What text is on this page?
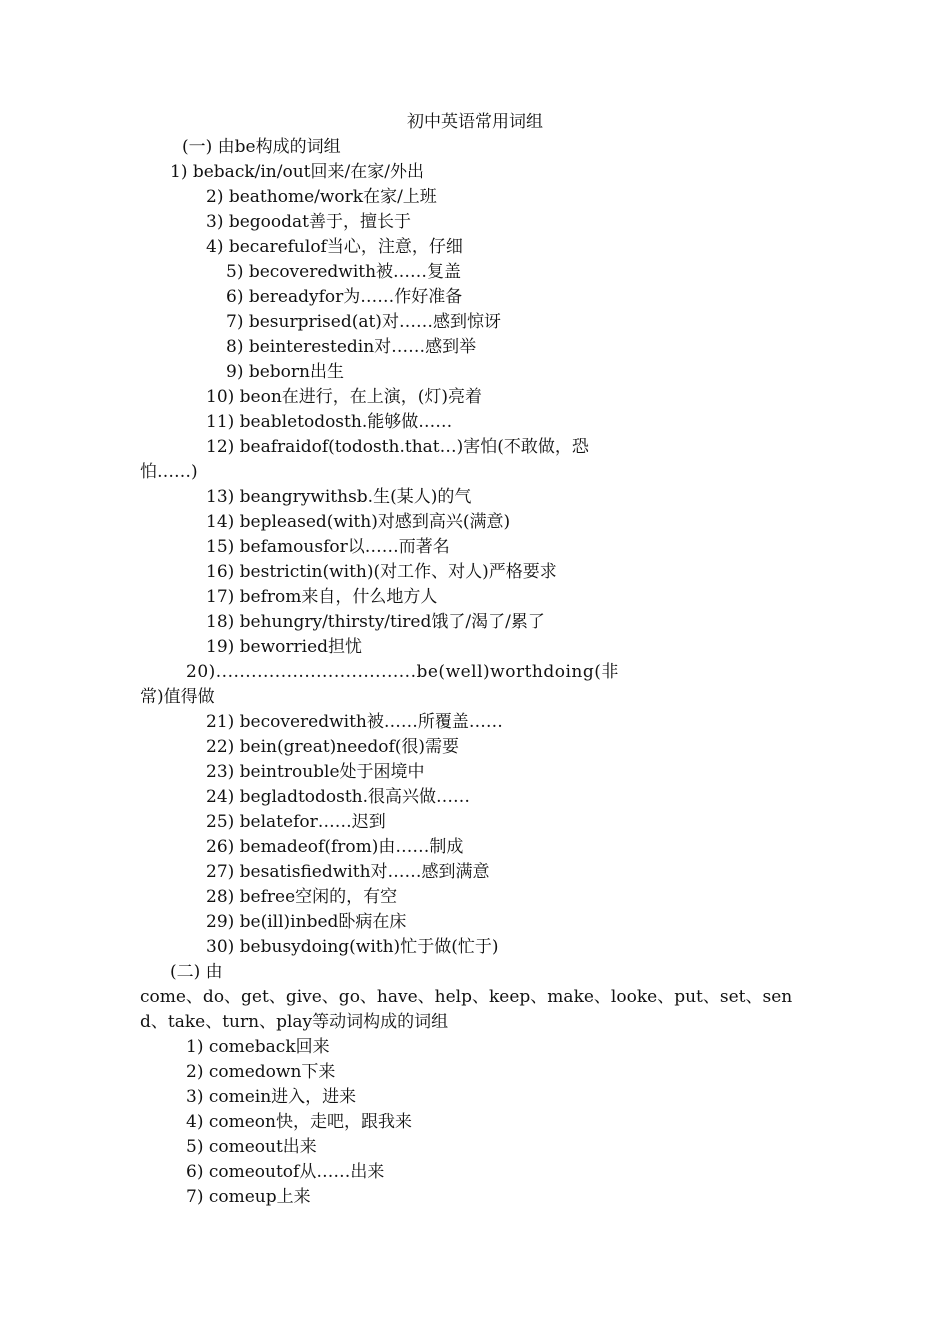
初中英语常用词组
(一) 由be构成的词组
1) beback/in/out回来/在家/外出
2) beathome/work在家/上班
3) begoodat善于，擅长于
4) becarefulof当心，注意，仔细
5) becoveredwith被……复盖
6) bereadyfor为……作好准备
7) besurprised(at)对……感到惊讶
8) beinterestedin对……感到举
9) beborn出生
10) beon在进行，在上演，(灯)亮着
11) beabletodosth.能够做……
12) beafraidof(todosth.that…)害怕(不敢做，恐
怕……)
13) beangrywithsb.生(某人)的气
14) bepleased(with)对感到高兴(满意)
15) befamousfor以……而著名
16) bestrictin(with)(对工作、对人)严格要求
17) befrom来自，什么地方人
18) behungry/thirsty/tired饿了/渴了/累了
19) beworried担忧
20)..................................be(well)worthdoing(非
常)值得做
21) becoveredwith被……所覆盖……
22) bein(great)needof(很)需要
23) beintrouble处于困境中
24) begladtodosth.很高兴做……
25) belatefor……迟到
26) bemadeof(from)由……制成
27) besatisfiedwith对……感到满意
28) befree空闲的，有空
29) be(ill)inbed卧病在床
30) bebusydoing(with)忙于做(忙于)
(二) 由
come、do、get、give、go、have、help、keep、make、looke、put、set、sen
d、take、turn、play等动词构成的词组
1) comeback回来
2) comedown下来
3) comein进入，进来
4) comeon快，走吧，跟我来
5) comeout出来
6) comeoutof从……出来
7) comeup上来
